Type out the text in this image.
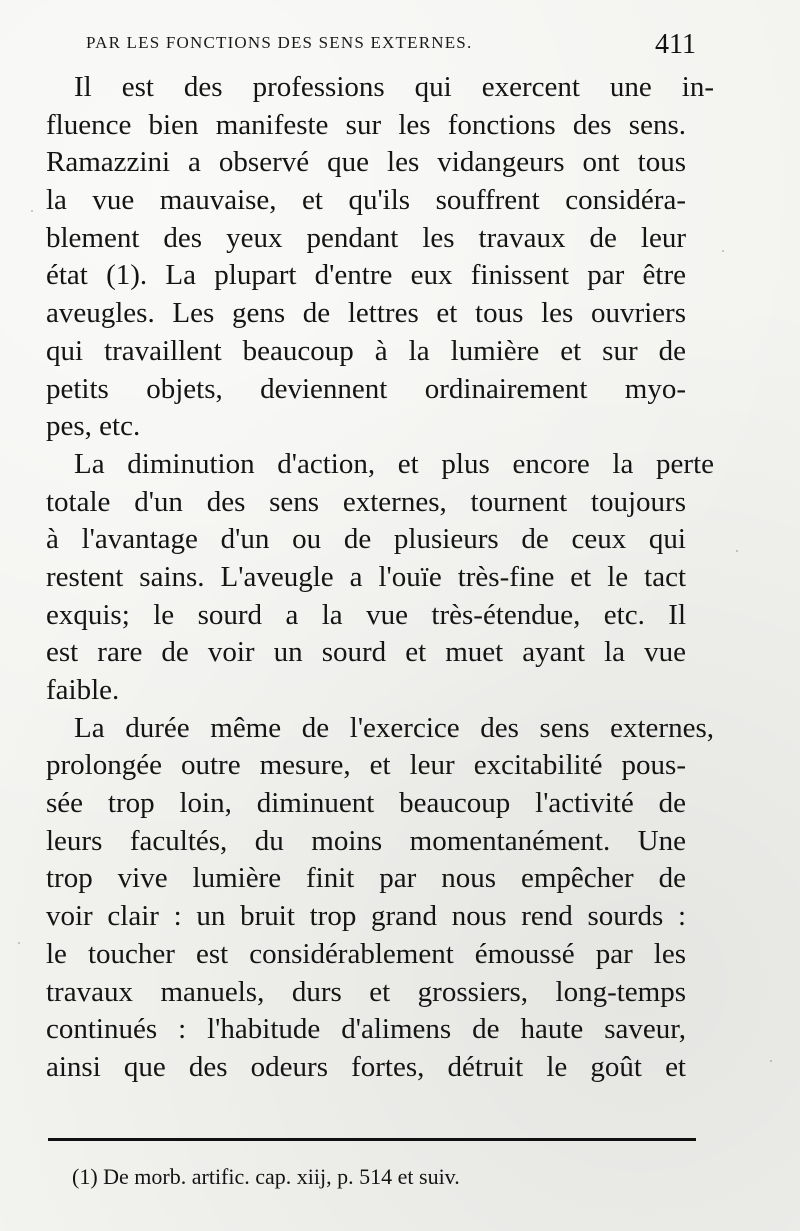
PAR LES FONCTIONS DES SENS EXTERNES.	411
Il est des professions qui exercent une in-
fluence bien manifeste sur les fonctions des sens.
Ramazzini a observé que les vidangeurs ont tous
la vue mauvaise, et qu'ils souffrent considéra-
blement des yeux pendant les travaux de leur
état (1). La plupart d'entre eux finissent par être
aveugles. Les gens de lettres et tous les ouvriers
qui travaillent beaucoup à la lumière et sur de
petits objets, deviennent ordinairement myo-
pes, etc.
La diminution d'action, et plus encore la perte
totale d'un des sens externes, tournent toujours
à l'avantage d'un ou de plusieurs de ceux qui
restent sains. L'aveugle a l'ouïe très-fine et le tact
exquis; le sourd a la vue très-étendue, etc. Il
est rare de voir un sourd et muet ayant la vue
faible.
La durée même de l'exercice des sens externes,
prolongée outre mesure, et leur excitabilité pous-
sée trop loin, diminuent beaucoup l'activité de
leurs facultés, du moins momentanément. Une
trop vive lumière finit par nous empêcher de
voir clair : un bruit trop grand nous rend sourds :
le toucher est considérablement émoussé par les
travaux manuels, durs et grossiers, long-temps
continués : l'habitude d'alimens de haute saveur,
ainsi que des odeurs fortes, détruit le goût et
(1) De morb. artific. cap. xiij, p. 514 et suiv.
